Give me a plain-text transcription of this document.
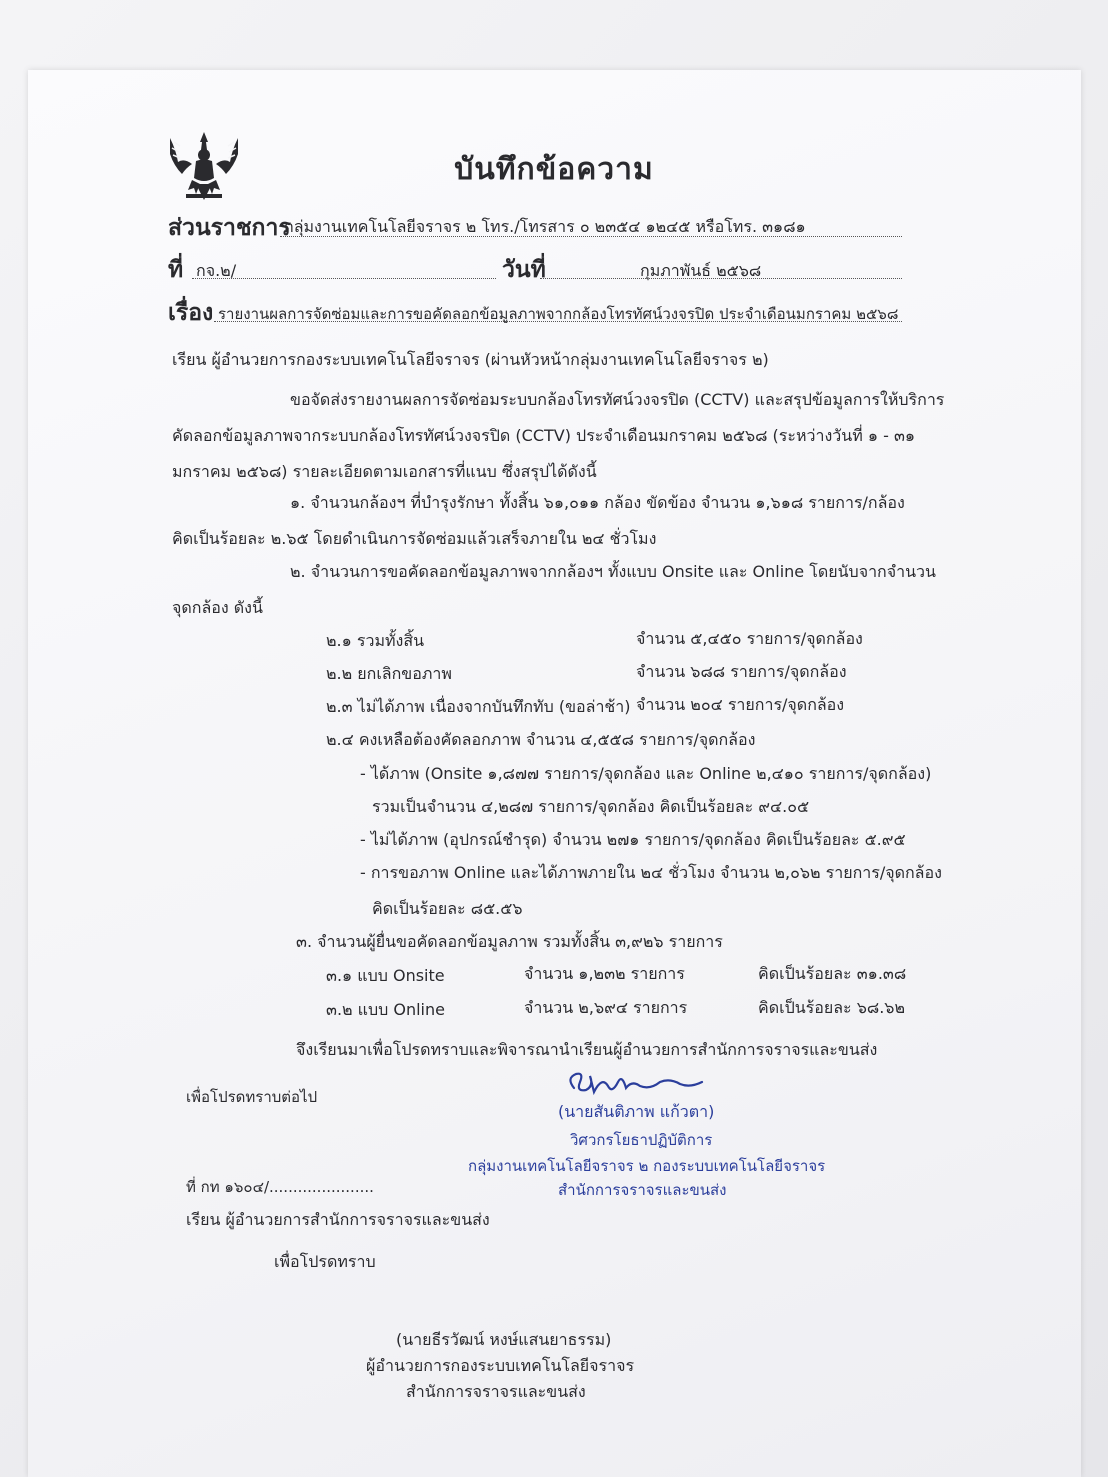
บันทึกข้อความ
ส่วนราชการ
กลุ่มงานเทคโนโลยีจราจร ๒ โทร./โทรสาร ๐ ๒๓๕๔ ๑๒๔๕ หรือโทร. ๓๑๘๑
ที่ กจ.๒/	วันที่	กุมภาพันธ์ ๒๕๖๘
เรื่อง รายงานผลการจัดซ่อมและการขอคัดลอกข้อมูลภาพจากกล้องโทรทัศน์วงจรปิด ประจำเดือนมกราคม ๒๕๖๘
เรียน ผู้อำนวยการกองระบบเทคโนโลยีจราจร (ผ่านหัวหน้ากลุ่มงานเทคโนโลยีจราจร ๒)
ขอจัดส่งรายงานผลการจัดซ่อมระบบกล้องโทรทัศน์วงจรปิด (CCTV) และสรุปข้อมูลการให้บริการ
คัดลอกข้อมูลภาพจากระบบกล้องโทรทัศน์วงจรปิด (CCTV) ประจำเดือนมกราคม ๒๕๖๘ (ระหว่างวันที่ ๑ - ๓๑
มกราคม ๒๕๖๘) รายละเอียดตามเอกสารที่แนบ ซึ่งสรุปได้ดังนี้
๑. จำนวนกล้องฯ ที่บำรุงรักษา ทั้งสิ้น ๖๑,๐๑๑ กล้อง ขัดข้อง จำนวน ๑,๖๑๘ รายการ/กล้อง
คิดเป็นร้อยละ ๒.๖๕ โดยดำเนินการจัดซ่อมแล้วเสร็จภายใน ๒๔ ชั่วโมง
๒. จำนวนการขอคัดลอกข้อมูลภาพจากกล้องฯ ทั้งแบบ Onsite และ Online โดยนับจากจำนวน
จุดกล้อง ดังนี้
๒.๑ รวมทั้งสิ้น	จำนวน ๕,๔๕๐ รายการ/จุดกล้อง
๒.๒ ยกเลิกขอภาพ	จำนวน ๖๘๘ รายการ/จุดกล้อง
๒.๓ ไม่ได้ภาพ เนื่องจากบันทึกทับ (ขอล่าช้า) จำนวน ๒๐๔ รายการ/จุดกล้อง
๒.๔ คงเหลือต้องคัดลอกภาพ จำนวน ๔,๕๕๘ รายการ/จุดกล้อง
- ได้ภาพ (Onsite ๑,๘๗๗ รายการ/จุดกล้อง และ Online ๒,๔๑๐ รายการ/จุดกล้อง)
รวมเป็นจำนวน ๔,๒๘๗ รายการ/จุดกล้อง คิดเป็นร้อยละ ๙๔.๐๕
- ไม่ได้ภาพ (อุปกรณ์ชำรุด) จำนวน ๒๗๑ รายการ/จุดกล้อง คิดเป็นร้อยละ ๕.๙๕
- การขอภาพ Online และได้ภาพภายใน ๒๔ ชั่วโมง จำนวน ๒,๐๖๒ รายการ/จุดกล้อง
คิดเป็นร้อยละ ๘๕.๕๖
๓. จำนวนผู้ยื่นขอคัดลอกข้อมูลภาพ รวมทั้งสิ้น ๓,๙๒๖ รายการ
๓.๑ แบบ Onsite	จำนวน ๑,๒๓๒ รายการ	คิดเป็นร้อยละ ๓๑.๓๘
๓.๒ แบบ Online	จำนวน ๒,๖๙๔ รายการ	คิดเป็นร้อยละ ๖๘.๖๒
จึงเรียนมาเพื่อโปรดทราบและพิจารณานำเรียนผู้อำนวยการสำนักการจราจรและขนส่ง
เพื่อโปรดทราบต่อไป
(นายสันติภาพ แก้วตา)
วิศวกรโยธาปฏิบัติการ
กลุ่มงานเทคโนโลยีจราจร ๒ กองระบบเทคโนโลยีจราจร
สำนักการจราจรและขนส่ง
ที่ กท ๑๖๐๔/......................
เรียน ผู้อำนวยการสำนักการจราจรและขนส่ง
เพื่อโปรดทราบ
(นายธีรวัฒน์ หงษ์แสนยาธรรม)
ผู้อำนวยการกองระบบเทคโนโลยีจราจร
สำนักการจราจรและขนส่ง
